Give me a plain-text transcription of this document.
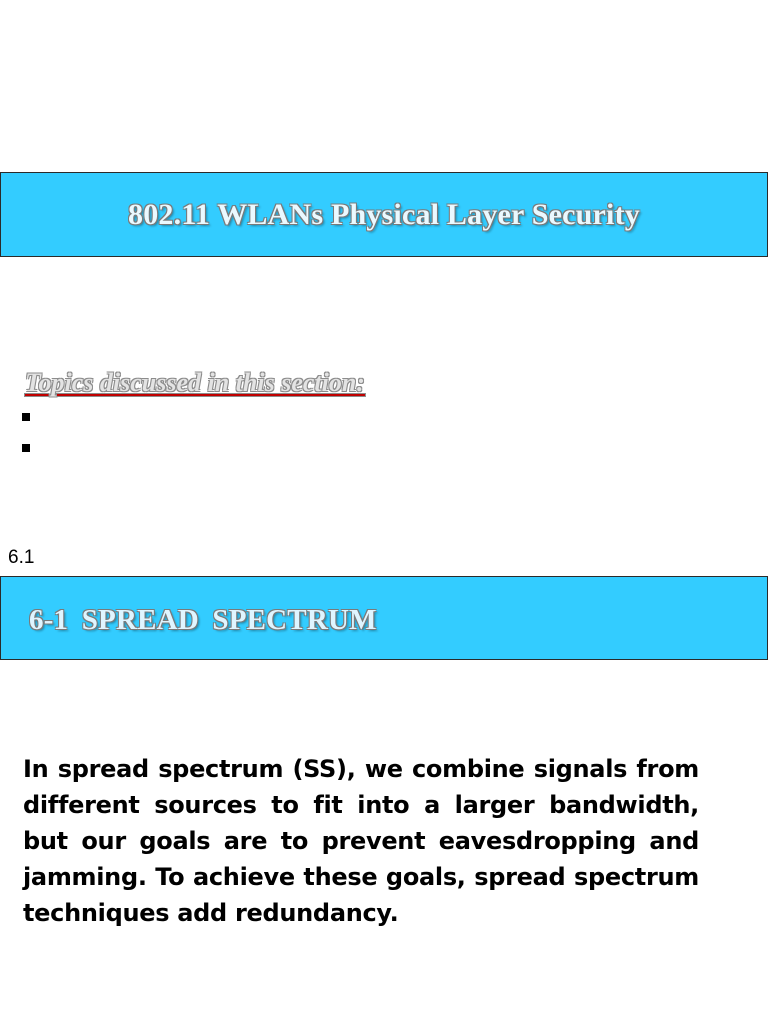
802.11 WLANs Physical Layer Security
Topics discussed in this section:
6.1
6-1 SPREAD SPECTRUM

In spread spectrum (SS), we combine signals from different sources to fit into a larger bandwidth, but our goals are to prevent eavesdropping and jamming. To achieve these goals, spread spectrum techniques add redundancy.
